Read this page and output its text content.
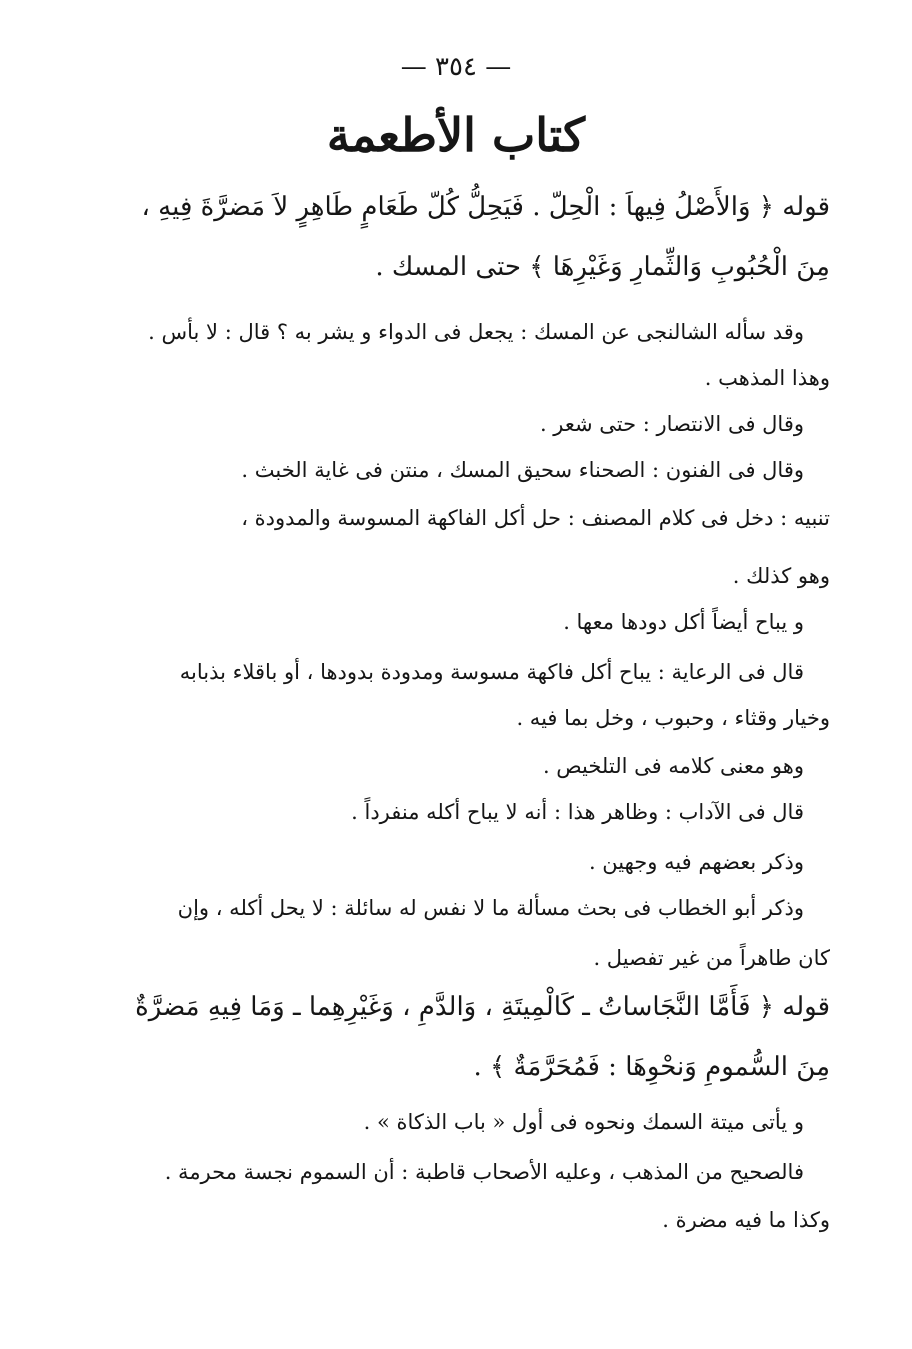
— ٣٥٤ —
كتاب الأطعمة
قوله ﴿ وَالأَصْلُ فِيهاَ : الْحِلّ . فَيَحِلُّ كُلّ طَعَامٍ طَاهِرٍ لاَ مَضرَّةَ فِيهِ ،
مِنَ الْحُبُوبِ وَالثِّمارِ وَغَيْرِهَا ﴾ حتى المسك .
وقد سأله الشالنجى عن المسك : يجعل فى الدواء و يشر به ؟ قال : لا بأس .
وهذا المذهب .
وقال فى الانتصار : حتى شعر .
وقال فى الفنون : الصحناء سحيق المسك ، منتن فى غاية الخبث .
تنبيه : دخل فى كلام المصنف : حل أكل الفاكهة المسوسة والمدودة ،
وهو كذلك .
و يباح أيضاً أكل دودها معها .
قال فى الرعاية : يباح أكل فاكهة مسوسة ومدودة بدودها ، أو باقلاء بذبابه
وخيار وقثاء ، وحبوب ، وخل بما فيه .
وهو معنى كلامه فى التلخيص .
قال فى الآداب : وظاهر هذا : أنه لا يباح أكله منفرداً .
وذكر بعضهم فيه وجهين .
وذكر أبو الخطاب فى بحث مسألة ما لا نفس له سائلة : لا يحل أكله ، وإن
كان طاهراً من غير تفصيل .
قوله ﴿ فَأَمَّا النَّجَاساتُ ـ كَالْمِيتَةِ ، وَالدَّمِ ، وَغَيْرِهِما ـ وَمَا فِيهِ مَضرَّةٌ
مِنَ السُّمومِ وَنحْوِهَا : فَمُحَرَّمَةٌ ﴾ .
و يأتى ميتة السمك ونحوه فى أول « باب الذكاة » .
فالصحيح من المذهب ، وعليه الأصحاب قاطبة : أن السموم نجسة محرمة .
وكذا ما فيه مضرة .
